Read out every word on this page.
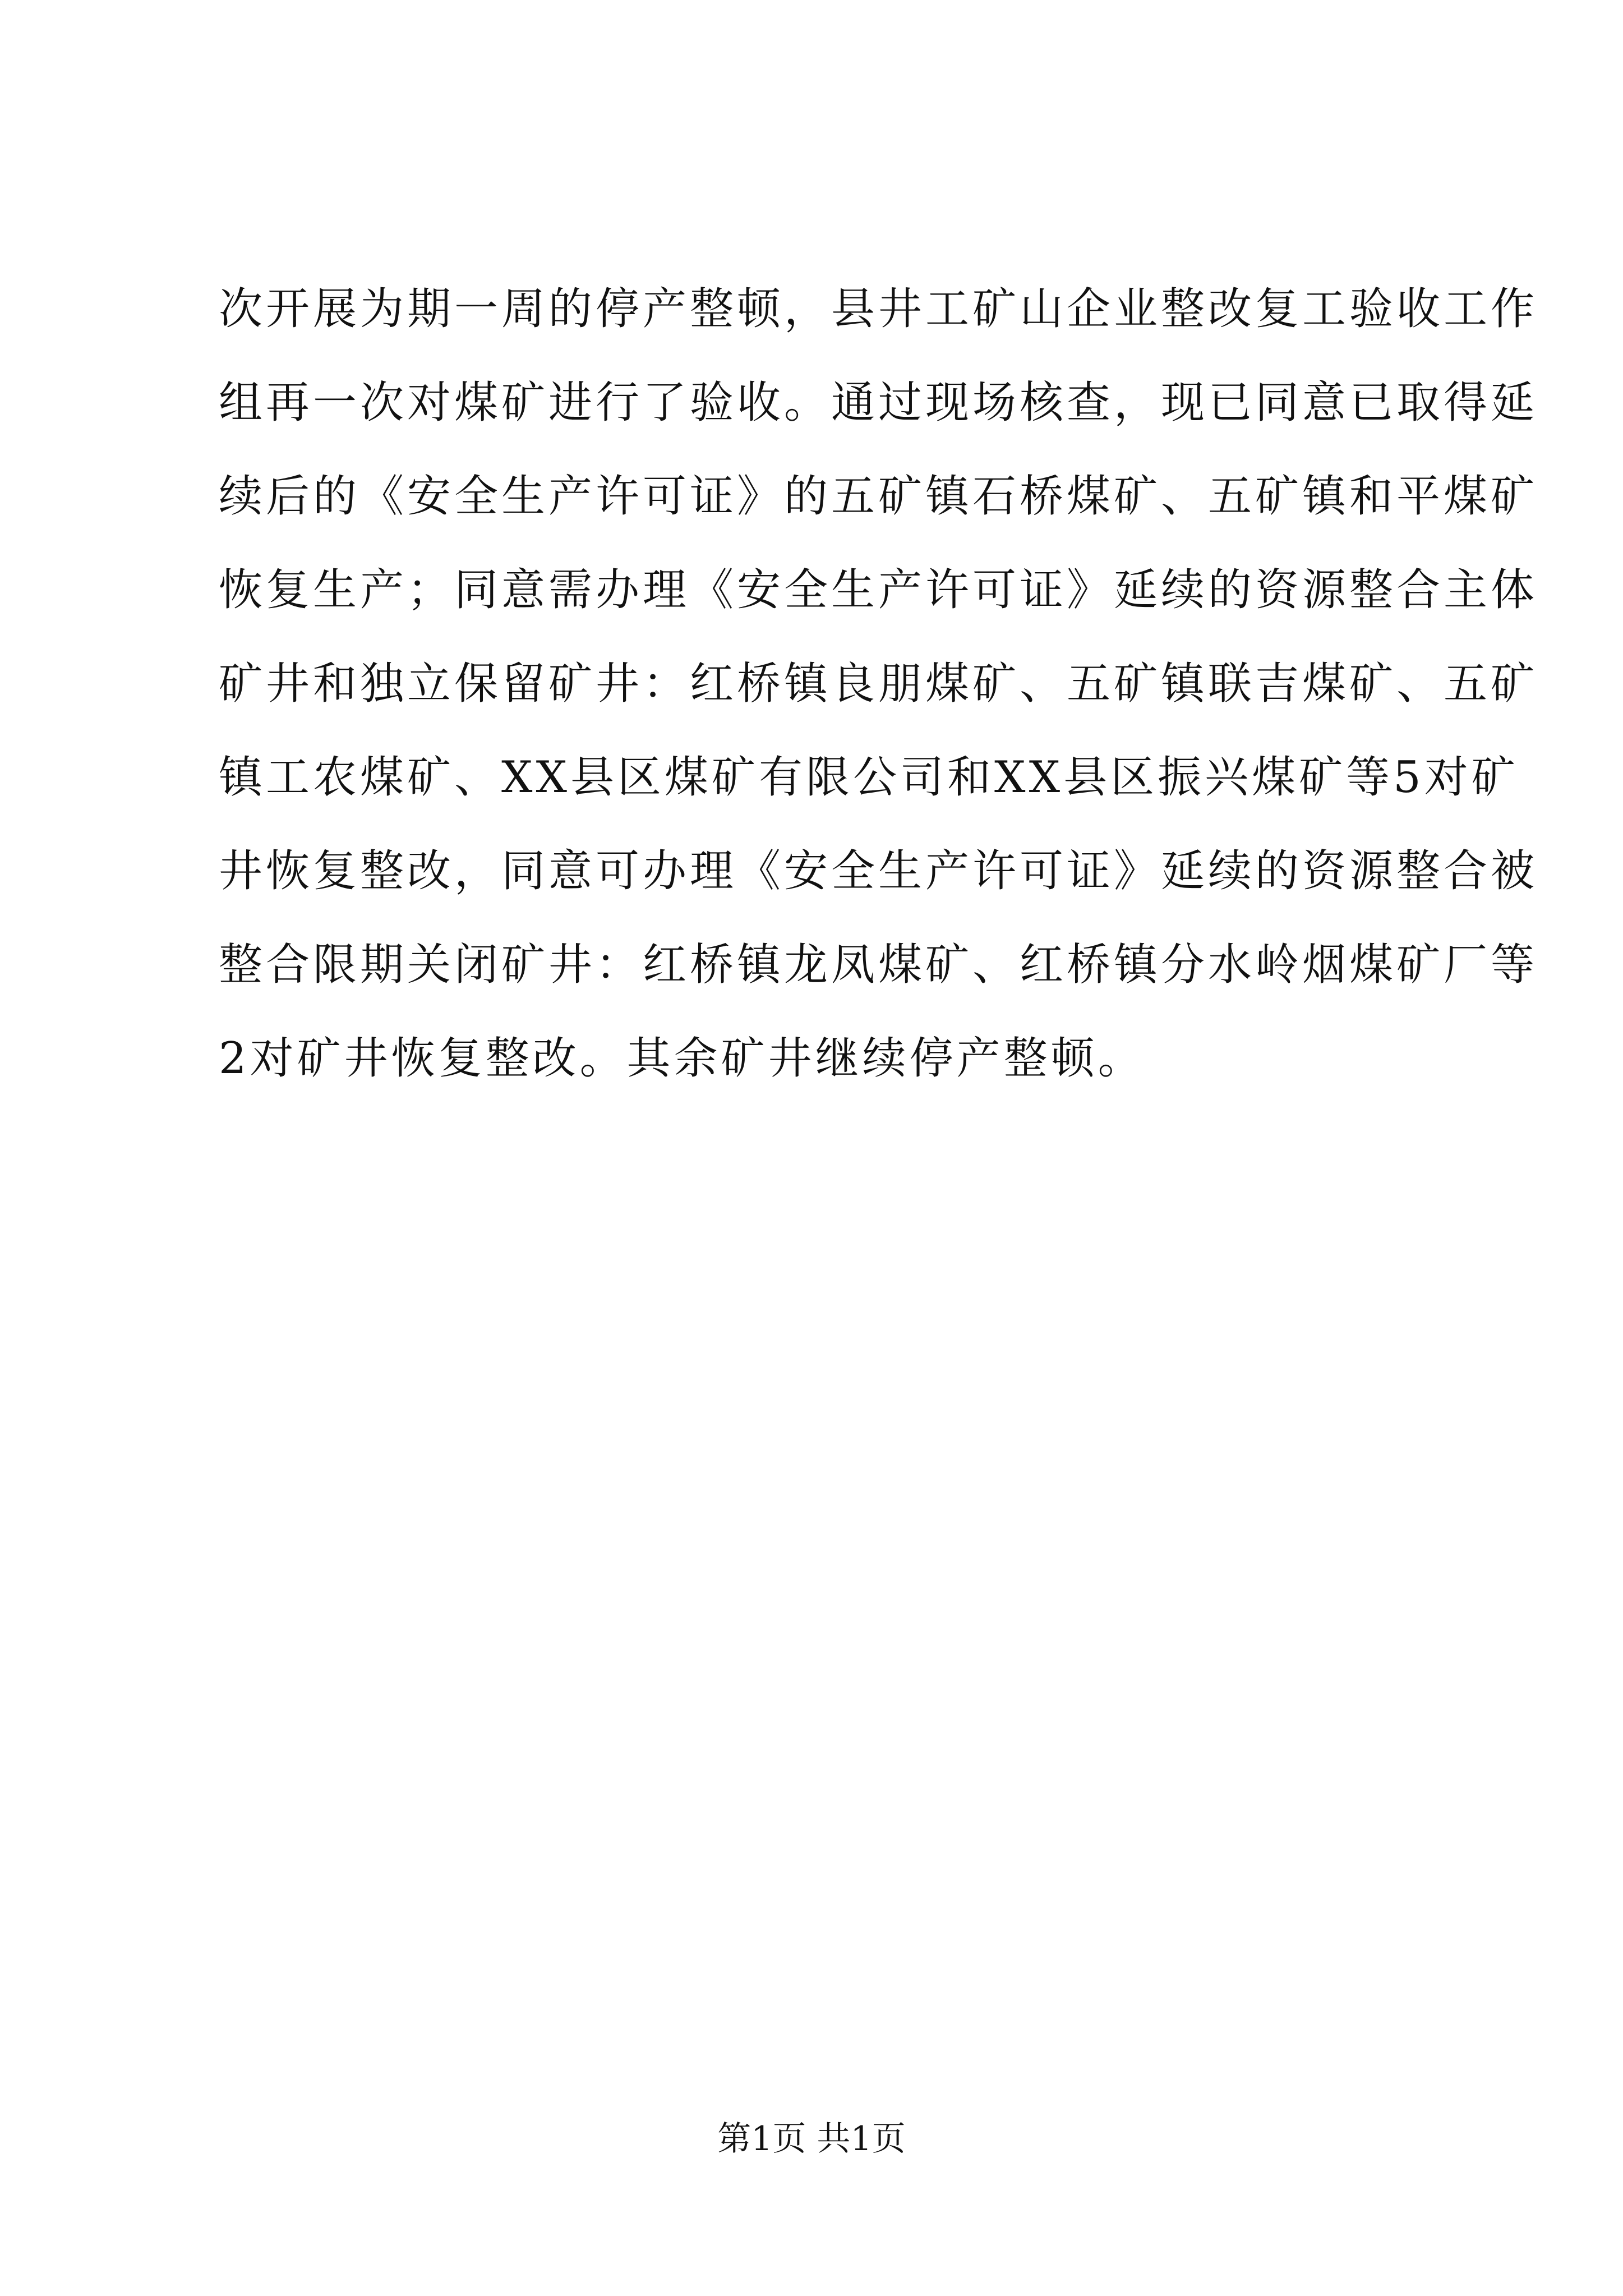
次开展为期一周的停产整顿，县井工矿山企业整改复工验收工作
组再一次对煤矿进行了验收。通过现场核查，现已同意已取得延
续后的《安全生产许可证》的五矿镇石桥煤矿、五矿镇和平煤矿
恢复生产；同意需办理《安全生产许可证》延续的资源整合主体
矿井和独立保留矿井：红桥镇良朋煤矿、五矿镇联吉煤矿、五矿
镇工农煤矿、XX县区煤矿有限公司和XX县区振兴煤矿等5对矿
井恢复整改，同意可办理《安全生产许可证》延续的资源整合被
整合限期关闭矿井：红桥镇龙凤煤矿、红桥镇分水岭烟煤矿厂等
2对矿井恢复整改。其余矿井继续停产整顿。
第1页 共1页
